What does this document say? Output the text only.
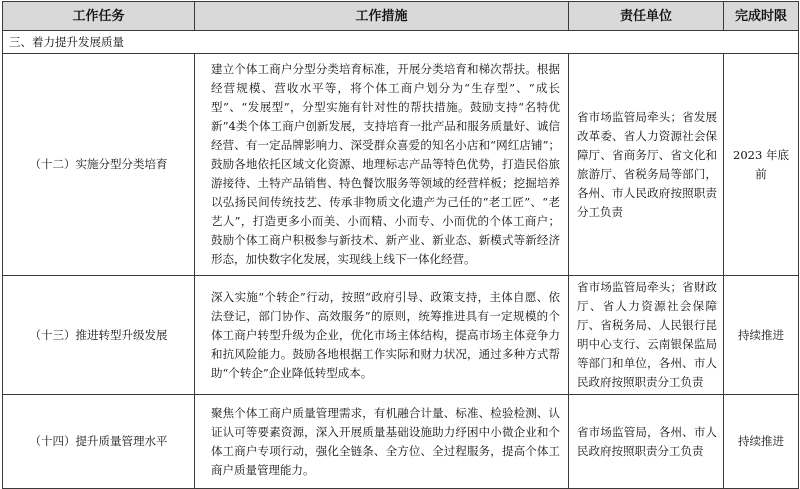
工作任务	工作措施	责任单位	完成时限
三、着力提升发展质量			
（十二）实施分型分类培育	建立个体工商户分型分类培育标准，开展分类培育和梯次帮扶。根据经营规模、营收水平等，将个体工商户划分为“生存型”、“成长型”、“发展型”，分型实施有针对性的帮扶措施。鼓励支持“名特优新”4类个体工商户创新发展，支持培育一批产品和服务质量好、诚信经营、有一定品牌影响力、深受群众喜爱的知名小店和“网红店铺”；鼓励各地依托区域文化资源、地理标志产品等特色优势，打造民俗旅游接待、土特产品销售、特色餐饮服务等领域的经营样板；挖掘培养以弘扬民间传统技艺、传承非物质文化遗产为己任的“老工匠”、“老艺人”，打造更多小而美、小而精、小而专、小而优的个体工商户；鼓励个体工商户积极参与新技术、新产业、新业态、新模式等新经济形态，加快数字化发展，实现线上线下一体化经营。	省市场监管局牵头；省发展改革委、省人力资源社会保障厅、省商务厅、省文化和旅游厅、省税务局等部门，各州、市人民政府按照职责分工负责	2023 年底前
（十三）推进转型升级发展	深入实施“个转企”行动，按照“政府引导、政策支持，主体自愿、依法登记，部门协作、高效服务”的原则，统筹推进具有一定规模的个体工商户转型升级为企业，优化市场主体结构，提高市场主体竞争力和抗风险能力。鼓励各地根据工作实际和财力状况，通过多种方式帮助“个转企”企业降低转型成本。	省市场监管局牵头；省财政厅、省人力资源社会保障厅、省税务局、人民银行昆明中心支行、云南银保监局等部门和单位，各州、市人民政府按照职责分工负责	持续推进
（十四）提升质量管理水平	聚焦个体工商户质量管理需求，有机融合计量、标准、检验检测、认证认可等要素资源，深入开展质量基础设施助力纾困中小微企业和个体工商户专项行动，强化全链条、全方位、全过程服务，提高个体工商户质量管理能力。	省市场监管局，各州、市人民政府按照职责分工负责	持续推进
